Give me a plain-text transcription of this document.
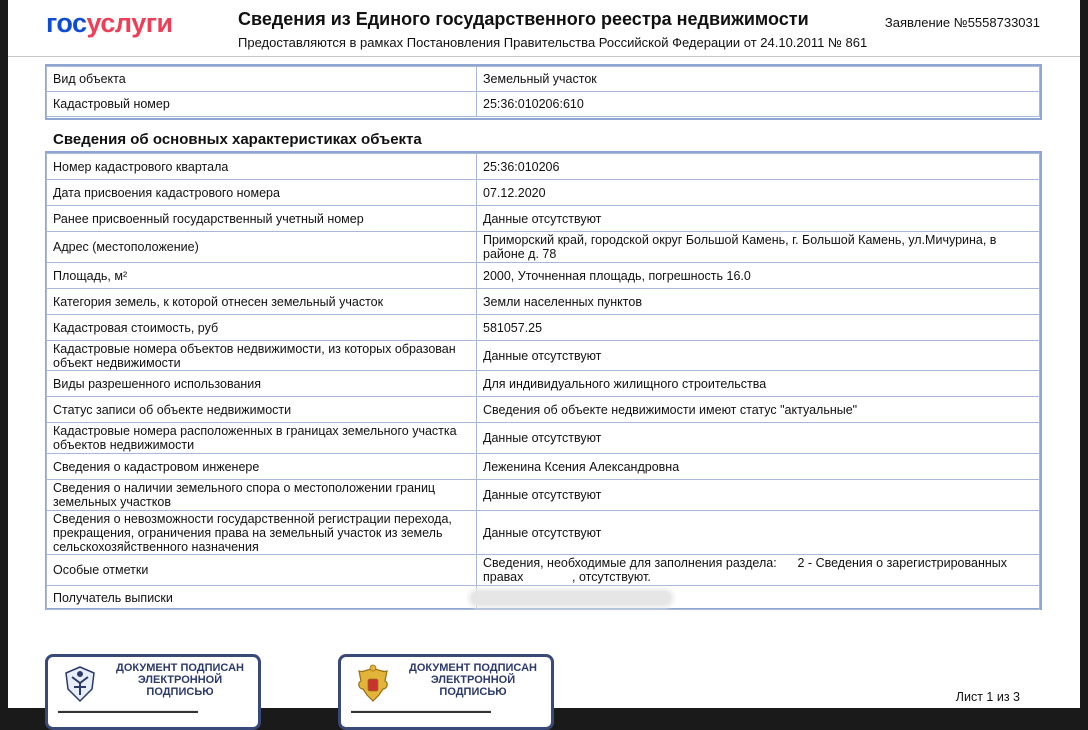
госуслуги	Сведения из Единого государственного реестра недвижимости
Предоставляются в рамках Постановления Правительства Российской Федерации от 24.10.2011 № 861
Заявление №5558733031
Вид объекта	Земельный участок
Кадастровый номер	25:36:010206:610
Сведения об основных характеристиках объекта
Номер кадастрового квартала	25:36:010206
Дата присвоения кадастрового номера	07.12.2020
Ранее присвоенный государственный учетный номер	Данные отсутствуют
Адрес (местоположение)	Приморский край, городской округ Большой Камень, г. Большой Камень, ул.Мичурина, в районе д. 78
Площадь, м²	2000, Уточненная площадь, погрешность 16.0
Категория земель, к которой отнесен земельный участок	Земли населенных пунктов
Кадастровая стоимость, руб	581057.25
Кадастровые номера объектов недвижимости, из которых образован объект недвижимости	Данные отсутствуют
Виды разрешенного использования	Для индивидуального жилищного строительства
Статус записи об объекте недвижимости	Сведения об объекте недвижимости имеют статус "актуальные"
Кадастровые номера расположенных в границах земельного участка объектов недвижимости	Данные отсутствуют
Сведения о кадастровом инженере	Леженина Ксения Александровна
Сведения о наличии земельного спора о местоположении границ земельных участков	Данные отсутствуют
Сведения о невозможности государственной регистрации перехода, прекращения, ограничения права на земельный участок из земель сельскохозяйственного назначения	Данные отсутствуют
Особые отметки	Сведения, необходимые для заполнения раздела:      2 - Сведения о зарегистрированных правах              , отсутствуют.
Получатель выписки	
ДОКУМЕНТ ПОДПИСАН ЭЛЕКТРОННОЙ ПОДПИСЬЮ
▬▬▬▬▬▬▬▬▬▬▬▬▬▬▬▬▬▬▬▬
ДОКУМЕНТ ПОДПИСАН ЭЛЕКТРОННОЙ ПОДПИСЬЮ
▬▬▬▬▬▬▬▬▬▬▬▬▬▬▬▬▬▬▬▬
Лист 1 из 3
